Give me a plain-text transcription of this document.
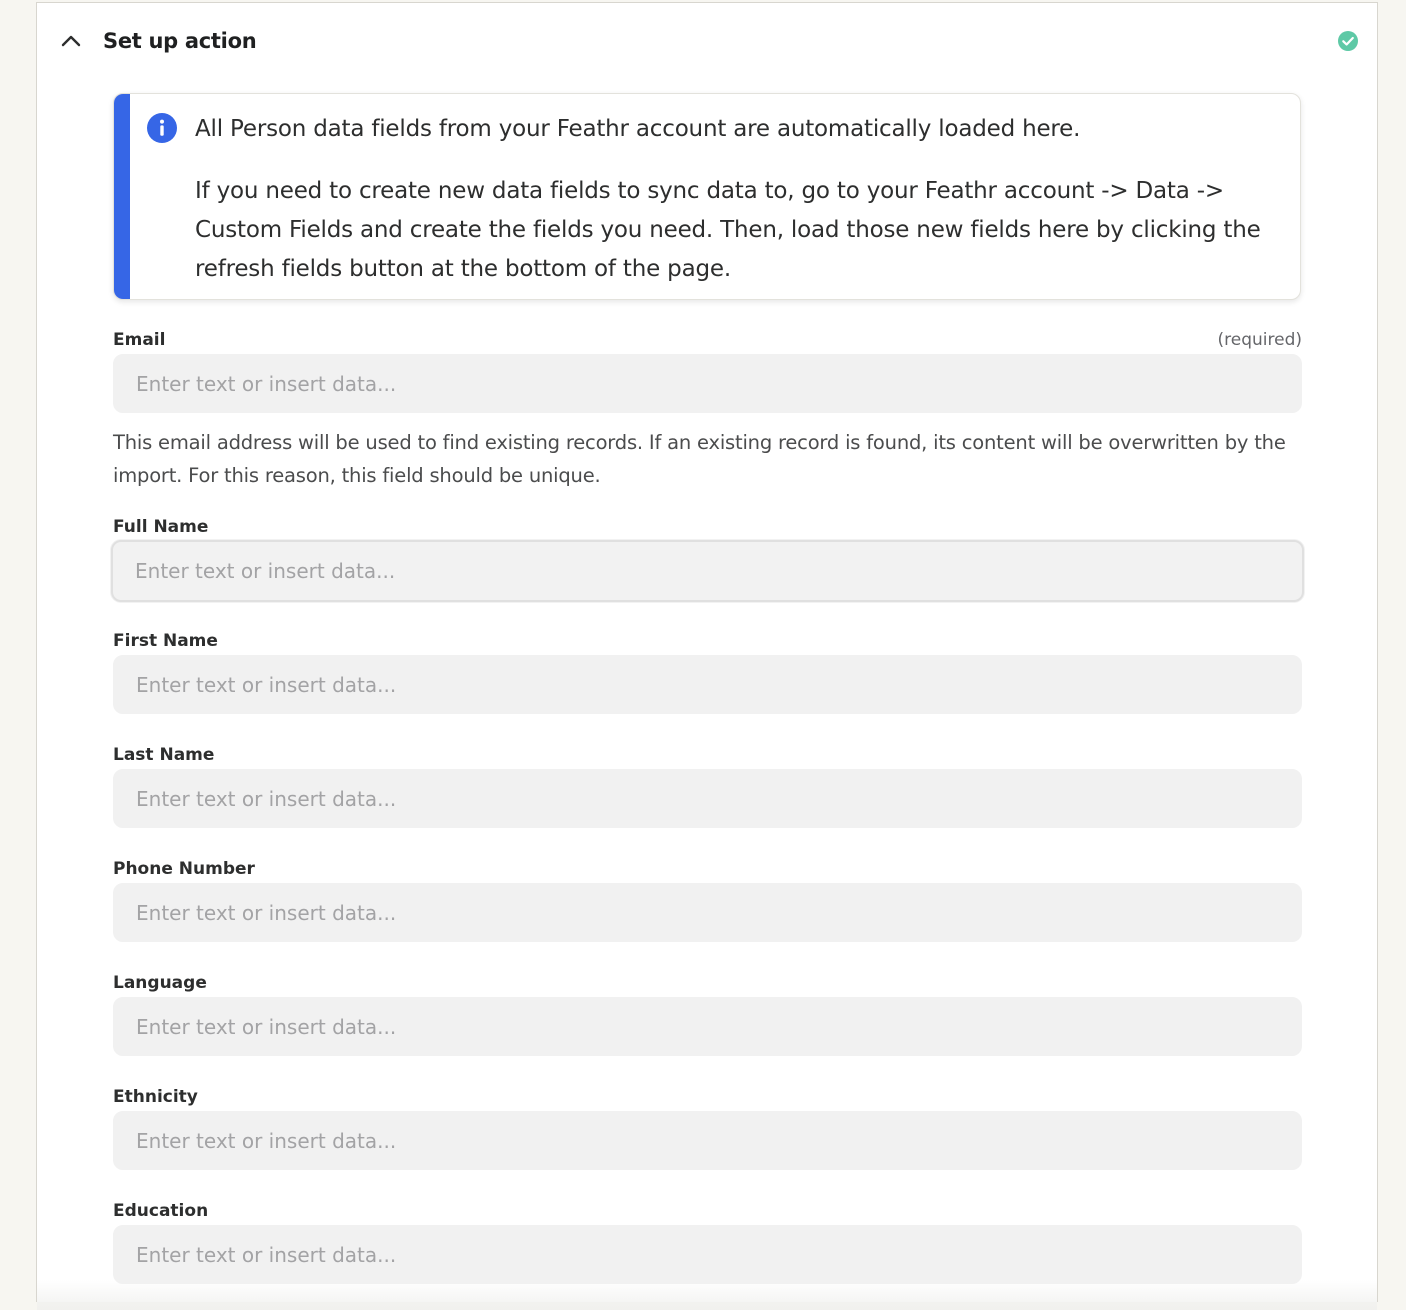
Set up action
All Person data fields from your Feathr account are automatically loaded here.
If you need to create new data fields to sync data to, go to your Feathr account -> Data -> Custom Fields and create the fields you need. Then, load those new fields here by clicking the refresh fields button at the bottom of the page.
Email	(required)
Enter text or insert data...
This email address will be used to find existing records. If an existing record is found, its content will be overwritten by the import. For this reason, this field should be unique.
Full Name
Enter text or insert data...
First Name
Enter text or insert data...
Last Name
Enter text or insert data...
Phone Number
Enter text or insert data...
Language
Enter text or insert data...
Ethnicity
Enter text or insert data...
Education
Enter text or insert data...
